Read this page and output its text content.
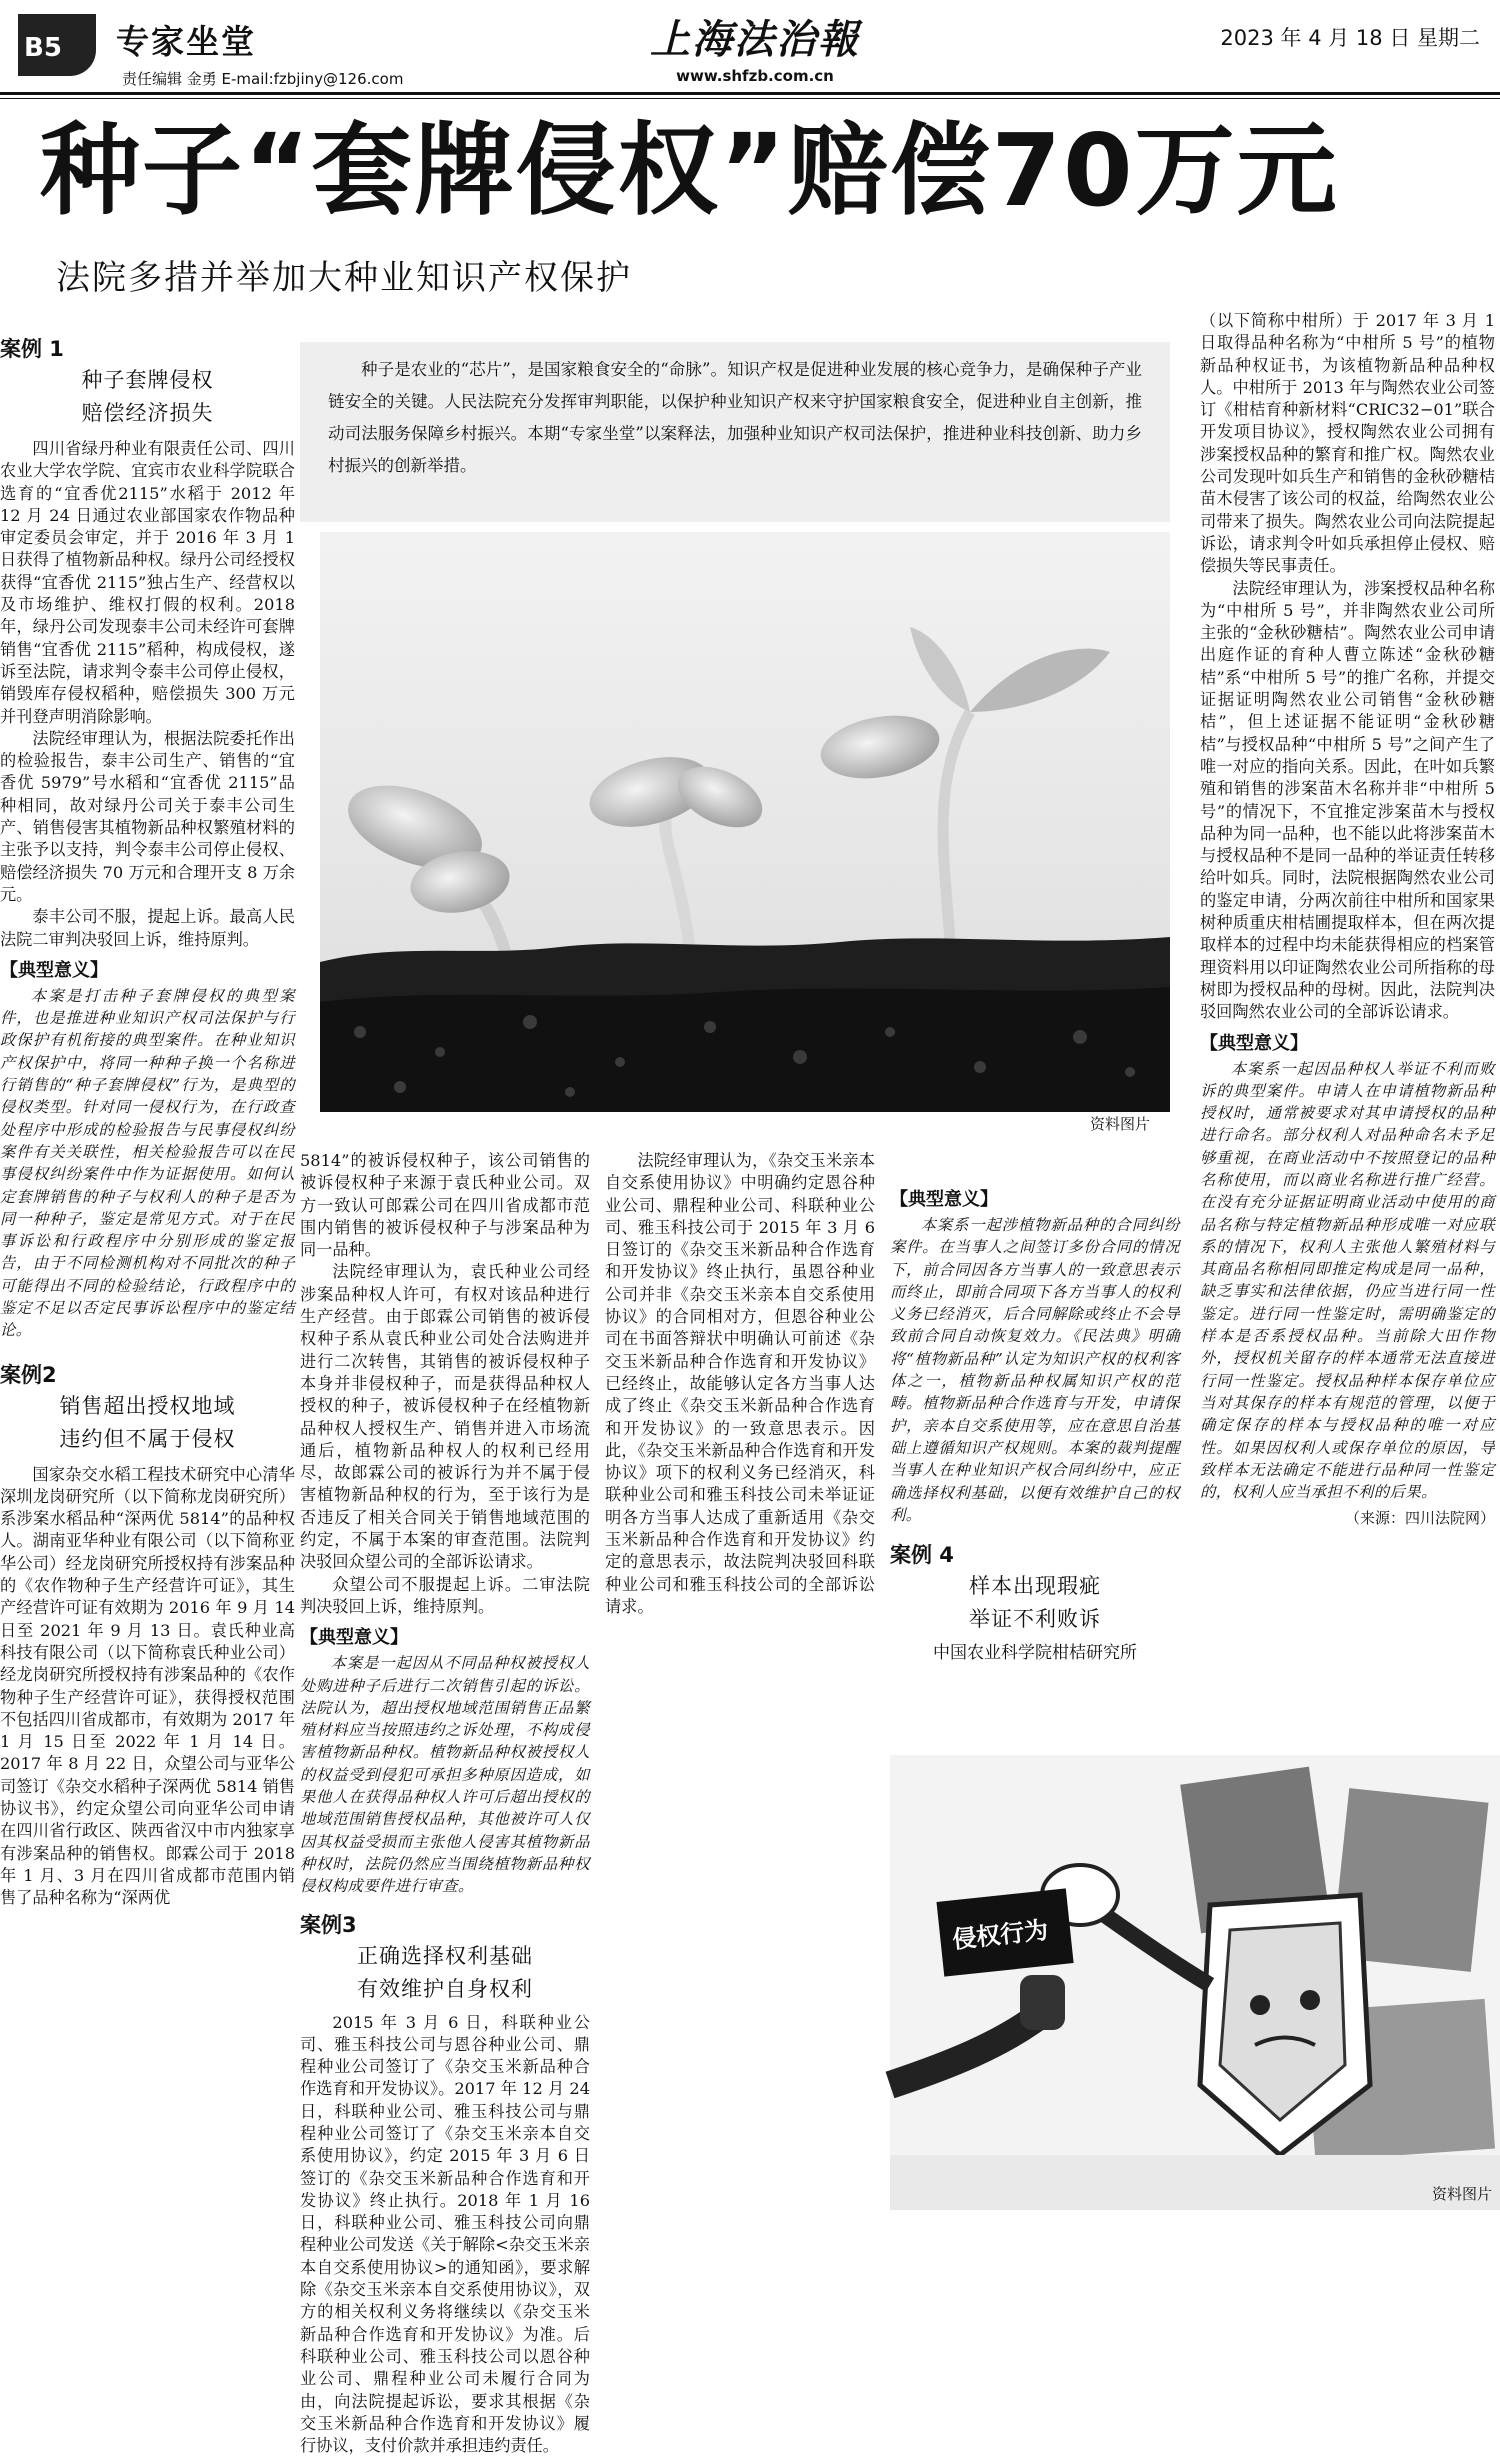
B5	专家坐堂
责任编辑 金勇 E-mail:fzbjiny@126.com
上海法治報
www.shfzb.com.cn
2023 年 4 月 18 日 星期二
种子“套牌侵权”赔偿70万元
法院多措并举加大种业知识产权保护
案例 1
种子套牌侵权
赔偿经济损失

四川省绿丹种业有限责任公司、四川农业大学农学院、宜宾市农业科学院联合选育的“宜香优2115”水稻于 2012 年 12 月 24 日通过农业部国家农作物品种审定委员会审定，并于 2016 年 3 月 1 日获得了植物新品种权。绿丹公司经授权获得“宜香优 2115”独占生产、经营权以及市场维护、维权打假的权利。2018 年，绿丹公司发现泰丰公司未经许可套牌销售“宜香优 2115”稻种，构成侵权，遂诉至法院，请求判令泰丰公司停止侵权，销毁库存侵权稻种，赔偿损失 300 万元并刊登声明消除影响。

法院经审理认为，根据法院委托作出的检验报告，泰丰公司生产、销售的“宜香优 5979”号水稻和“宜香优 2115”品种相同，故对绿丹公司关于泰丰公司生产、销售侵害其植物新品种权繁殖材料的主张予以支持，判令泰丰公司停止侵权、赔偿经济损失 70 万元和合理开支 8 万余元。

泰丰公司不服，提起上诉。最高人民法院二审判决驳回上诉，维持原判。

【典型意义】
本案是打击种子套牌侵权的典型案件，也是推进种业知识产权司法保护与行政保护有机衔接的典型案件。在种业知识产权保护中，将同一种种子换一个名称进行销售的“种子套牌侵权”行为，是典型的侵权类型。针对同一侵权行为，在行政查处程序中形成的检验报告与民事侵权纠纷案件有关关联性，相关检验报告可以在民事侵权纠纷案件中作为证据使用。如何认定套牌销售的种子与权利人的种子是否为同一种种子，鉴定是常见方式。对于在民事诉讼和行政程序中分别形成的鉴定报告，由于不同检测机构对不同批次的种子可能得出不同的检验结论，行政程序中的鉴定不足以否定民事诉讼程序中的鉴定结论。
案例2
销售超出授权地域
违约但不属于侵权

国家杂交水稻工程技术研究中心清华深圳龙岗研究所（以下简称龙岗研究所）系涉案水稻品种“深两优 5814”的品种权人。湖南亚华种业有限公司（以下简称亚华公司）经龙岗研究所授权持有涉案品种的《农作物种子生产经营许可证》，其生产经营许可证有效期为 2016 年 9 月 14 日至 2021 年 9 月 13 日。袁氏种业高科技有限公司（以下简称袁氏种业公司）经龙岗研究所授权持有涉案品种的《农作物种子生产经营许可证》，获得授权范围不包括四川省成都市，有效期为 2017 年 1 月 15 日至 2022 年 1 月 14 日。2017 年 8 月 22 日，众望公司与亚华公司签订《杂交水稻种子深两优 5814 销售协议书》，约定众望公司向亚华公司申请在四川省行政区、陕西省汉中市内独家享有涉案品种的销售权。郎霖公司于 2018 年 1 月、3 月在四川省成都市范围内销售了品种名称为“深两优

种子是农业的“芯片”，是国家粮食安全的“命脉”。知识产权是促进种业发展的核心竞争力，是确保种子产业链安全的关键。人民法院充分发挥审判职能，以保护种业知识产权来守护国家粮食安全，促进种业自主创新，推动司法服务保障乡村振兴。本期“专家坐堂”以案释法，加强种业知识产权司法保护，推进种业科技创新、助力乡村振兴的创新举措。
资料图片

5814”的被诉侵权种子，该公司销售的被诉侵权种子来源于袁氏种业公司。双方一致认可郎霖公司在四川省成都市范围内销售的被诉侵权种子与涉案品种为同一品种。

法院经审理认为，袁氏种业公司经涉案品种权人许可，有权对该品种进行生产经营。由于郎霖公司销售的被诉侵权种子系从袁氏种业公司处合法购进并进行二次转售，其销售的被诉侵权种子本身并非侵权种子，而是获得品种权人授权的种子，被诉侵权种子在经植物新品种权人授权生产、销售并进入市场流通后，植物新品种权人的权利已经用尽，故郎霖公司的被诉行为并不属于侵害植物新品种权的行为，至于该行为是否违反了相关合同关于销售地域范围的约定，不属于本案的审查范围。法院判决驳回众望公司的全部诉讼请求。

众望公司不服提起上诉。二审法院判决驳回上诉，维持原判。

【典型意义】
本案是一起因从不同品种权被授权人处购进种子后进行二次销售引起的诉讼。法院认为，超出授权地域范围销售正品繁殖材料应当按照违约之诉处理，不构成侵害植物新品种权。植物新品种权被授权人的权益受到侵犯可承担多种原因造成，如果他人在获得品种权人许可后超出授权的地域范围销售授权品种，其他被许可人仅因其权益受损而主张他人侵害其植物新品种权时，法院仍然应当围绕植物新品种权侵权构成要件进行审查。
案例3
正确选择权利基础
有效维护自身权利

2015 年 3 月 6 日，科联种业公司、雅玉科技公司与恩谷种业公司、鼎程种业公司签订了《杂交玉米新品种合作选育和开发协议》。2017 年 12 月 24 日，科联种业公司、雅玉科技公司与鼎程种业公司签订了《杂交玉米亲本自交系使用协议》，约定 2015 年 3 月 6 日签订的《杂交玉米新品种合作选育和开发协议》终止执行。2018 年 1 月 16 日，科联种业公司、雅玉科技公司向鼎程种业公司发送《关于解除<杂交玉米亲本自交系使用协议>的通知函》，要求解除《杂交玉米亲本自交系使用协议》，双方的相关权利义务将继续以《杂交玉米新品种合作选育和开发协议》为准。后科联种业公司、雅玉科技公司以恩谷种业公司、鼎程种业公司未履行合同为由，向法院提起诉讼，要求其根据《杂交玉米新品种合作选育和开发协议》履行协议，支付价款并承担违约责任。

法院经审理认为，《杂交玉米亲本自交系使用协议》中明确约定恩谷种业公司、鼎程种业公司、科联种业公司、雅玉科技公司于 2015 年 3 月 6 日签订的《杂交玉米新品种合作选育和开发协议》终止执行，虽恩谷种业公司并非《杂交玉米亲本自交系使用协议》的合同相对方，但恩谷种业公司在书面答辩状中明确认可前述《杂交玉米新品种合作选育和开发协议》已经终止，故能够认定各方当事人达成了终止《杂交玉米新品种合作选育和开发协议》的一致意思表示。因此，《杂交玉米新品种合作选育和开发协议》项下的权利义务已经消灭，科联种业公司和雅玉科技公司未举证证明各方当事人达成了重新适用《杂交玉米新品种合作选育和开发协议》约定的意思表示，故法院判决驳回科联种业公司和雅玉科技公司的全部诉讼请求。

【典型意义】
本案系一起涉植物新品种的合同纠纷案件。在当事人之间签订多份合同的情况下，前合同因各方当事人的一致意思表示而终止，即前合同项下各方当事人的权利义务已经消灭，后合同解除或终止不会导致前合同自动恢复效力。《民法典》明确将“植物新品种”认定为知识产权的权利客体之一，植物新品种权属知识产权的范畴。植物新品种合作选育与开发，申请保护，亲本自交系使用等，应在意思自治基础上遵循知识产权规则。本案的裁判提醒当事人在种业知识产权合同纠纷中，应正确选择权利基础，以便有效维护自己的权利。
案例 4
样本出现瑕疵
举证不利败诉
中国农业科学院柑桔研究所

（以下简称中柑所）于 2017 年 3 月 1 日取得品种名称为“中柑所 5 号”的植物新品种权证书，为该植物新品种品种权人。中柑所于 2013 年与陶然农业公司签订《柑桔育种新材料“CRIC32−01”联合开发项目协议》，授权陶然农业公司拥有涉案授权品种的繁育和推广权。陶然农业公司发现叶如兵生产和销售的金秋砂糖桔苗木侵害了该公司的权益，给陶然农业公司带来了损失。陶然农业公司向法院提起诉讼，请求判令叶如兵承担停止侵权、赔偿损失等民事责任。

法院经审理认为，涉案授权品种名称为“中柑所 5 号”，并非陶然农业公司所主张的“金秋砂糖桔”。陶然农业公司申请出庭作证的育种人曹立陈述“金秋砂糖桔”系“中柑所 5 号”的推广名称，并提交证据证明陶然农业公司销售“金秋砂糖桔”，但上述证据不能证明“金秋砂糖桔”与授权品种“中柑所 5 号”之间产生了唯一对应的指向关系。因此，在叶如兵繁殖和销售的涉案苗木名称并非“中柑所 5 号”的情况下，不宜推定涉案苗木与授权品种为同一品种，也不能以此将涉案苗木与授权品种不是同一品种的举证责任转移给叶如兵。同时，法院根据陶然农业公司的鉴定申请，分两次前往中柑所和国家果树种质重庆柑桔圃提取样本，但在两次提取样本的过程中均未能获得相应的档案管理资料用以印证陶然农业公司所指称的母树即为授权品种的母树。因此，法院判决驳回陶然农业公司的全部诉讼请求。

【典型意义】
本案系一起因品种权人举证不利而败诉的典型案件。申请人在申请植物新品种授权时，通常被要求对其申请授权的品种进行命名。部分权利人对品种命名未予足够重视，在商业活动中不按照登记的品种名称使用，而以商业名称进行推广经营。在没有充分证据证明商业活动中使用的商品名称与特定植物新品种形成唯一对应联系的情况下，权利人主张他人繁殖材料与其商品名称相同即推定构成是同一品种，缺乏事实和法律依据，仍应当进行同一性鉴定。进行同一性鉴定时，需明确鉴定的样本是否系授权品种。当前除大田作物外，授权机关留存的样本通常无法直接进行同一性鉴定。授权品种样本保存单位应当对其保存的样本有规范的管理，以便于确定保存的样本与授权品种的唯一对应性。如果因权利人或保存单位的原因，导致样本无法确定不能进行品种同一性鉴定的，权利人应当承担不利的后果。
（来源：四川法院网）
侵权行为
资料图片
